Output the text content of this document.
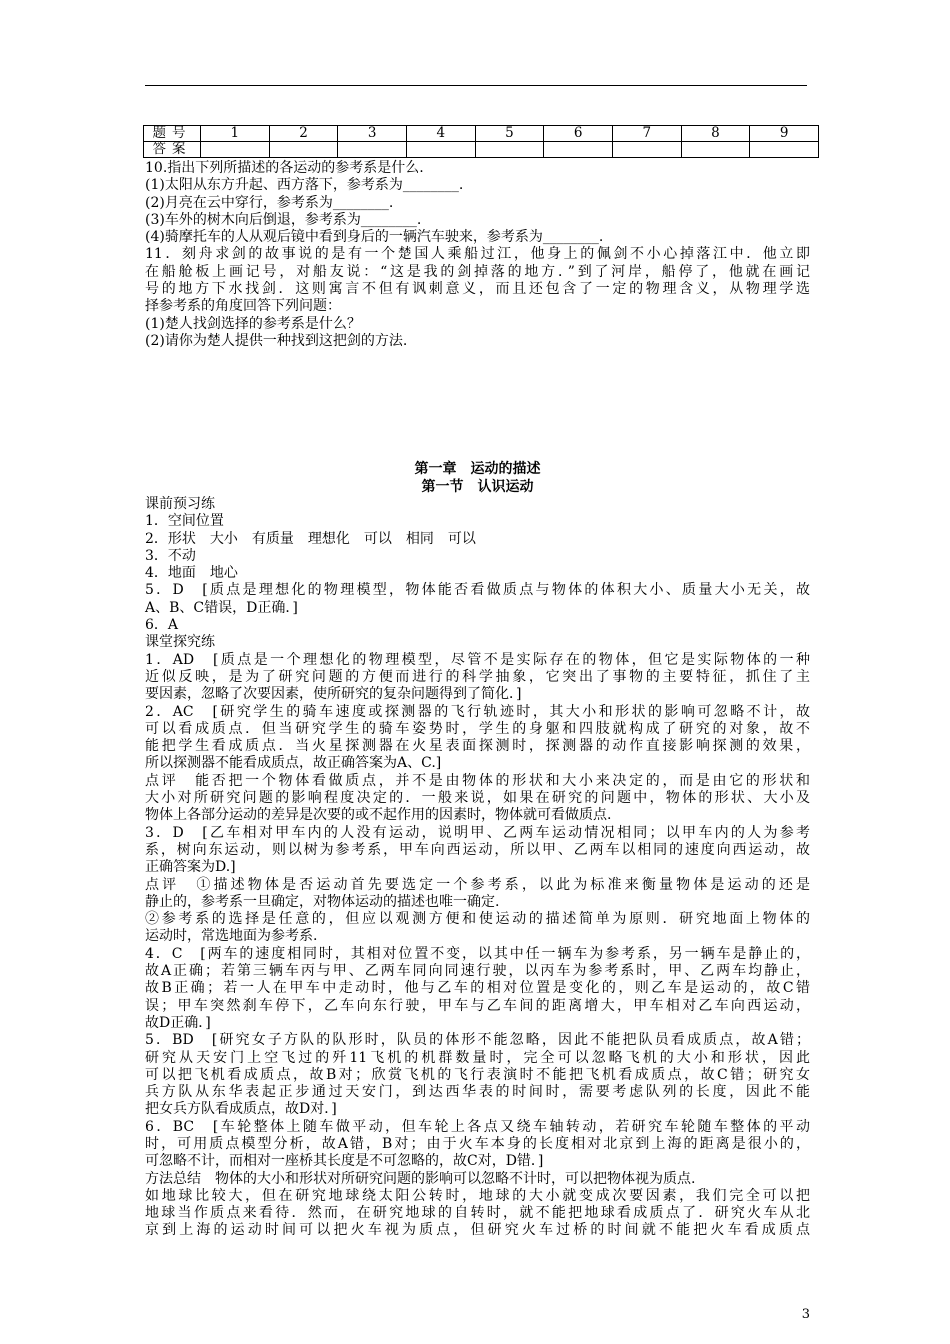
题号	1	2	3	4	5	6	7	8	9
答案									
10.指出下列所描述的各运动的参考系是什么.
(1)太阳从东方升起、西方落下，参考系为________.
(2)月亮在云中穿行，参考系为________.
(3)车外的树木向后倒退，参考系为________.
(4)骑摩托车的人从观后镜中看到身后的一辆汽车驶来，参考系为________.
11．刻舟求剑的故事说的是有一个楚国人乘船过江，他身上的佩剑不小心掉落江中．他立即
在船舱板上画记号，对船友说：“这是我的剑掉落的地方．”到了河岸，船停了，他就在画记
号的地方下水找剑．这则寓言不但有讽刺意义，而且还包含了一定的物理含义，从物理学选
择参考系的角度回答下列问题：
(1)楚人找剑选择的参考系是什么？
(2)请你为楚人提供一种找到这把剑的方法.
第一章　运动的描述
第一节　认识运动
课前预习练
1．空间位置
2．形状　大小　有质量　理想化　可以　相同　可以
3．不动
4．地面　地心
5．D　[质点是理想化的物理模型，物体能否看做质点与物体的体积大小、质量大小无关，故
A、B、C错误，D正确．]
6．A
课堂探究练
1．AD　[质点是一个理想化的物理模型，尽管不是实际存在的物体，但它是实际物体的一种
近似反映，是为了研究问题的方便而进行的科学抽象，它突出了事物的主要特征，抓住了主
要因素，忽略了次要因素，使所研究的复杂问题得到了简化．]
2．AC　[研究学生的骑车速度或探测器的飞行轨迹时，其大小和形状的影响可忽略不计，故
可以看成质点．但当研究学生的骑车姿势时，学生的身躯和四肢就构成了研究的对象，故不
能把学生看成质点．当火星探测器在火星表面探测时，探测器的动作直接影响探测的效果，
所以探测器不能看成质点，故正确答案为A、C.]
点评　能否把一个物体看做质点，并不是由物体的形状和大小来决定的，而是由它的形状和
大小对所研究问题的影响程度决定的．一般来说，如果在研究的问题中，物体的形状、大小及
物体上各部分运动的差异是次要的或不起作用的因素时，物体就可看做质点.
3．D　[乙车相对甲车内的人没有运动，说明甲、乙两车运动情况相同；以甲车内的人为参考
系，树向东运动，则以树为参考系，甲车向西运动，所以甲、乙两车以相同的速度向西运动，故
正确答案为D.]
点评　①描述物体是否运动首先要选定一个参考系，以此为标准来衡量物体是运动的还是
静止的，参考系一旦确定，对物体运动的描述也唯一确定.
②参考系的选择是任意的，但应以观测方便和使运动的描述简单为原则．研究地面上物体的
运动时，常选地面为参考系.
4．C　[两车的速度相同时，其相对位置不变，以其中任一辆车为参考系，另一辆车是静止的，
故A正确；若第三辆车丙与甲、乙两车同向同速行驶，以丙车为参考系时，甲、乙两车均静止，
故B正确；若一人在甲车中走动时，他与乙车的相对位置是变化的，则乙车是运动的，故C错
误；甲车突然刹车停下，乙车向东行驶，甲车与乙车间的距离增大，甲车相对乙车向西运动，
故D正确．]
5．BD　[研究女子方队的队形时，队员的体形不能忽略，因此不能把队员看成质点，故A错；
研究从天安门上空飞过的歼11飞机的机群数量时，完全可以忽略飞机的大小和形状，因此
可以把飞机看成质点，故B对；欣赏飞机的飞行表演时不能把飞机看成质点，故C错；研究女
兵方队从东华表起正步通过天安门，到达西华表的时间时，需要考虑队列的长度，因此不能
把女兵方队看成质点，故D对．]
6．BC　[车轮整体上随车做平动，但车轮上各点又绕车轴转动，若研究车轮随车整体的平动
时，可用质点模型分析，故A错，B对；由于火车本身的长度相对北京到上海的距离是很小的，
可忽略不计，而相对一座桥其长度是不可忽略的，故C对，D错．]
方法总结　物体的大小和形状对所研究问题的影响可以忽略不计时，可以把物体视为质点.
如地球比较大，但在研究地球绕太阳公转时，地球的大小就变成次要因素，我们完全可以把
地球当作质点来看待．然而，在研究地球的自转时，就不能把地球看成质点了．研究火车从北
京到上海的运动时间可以把火车视为质点，但研究火车过桥的时间就不能把火车看成质点
3
